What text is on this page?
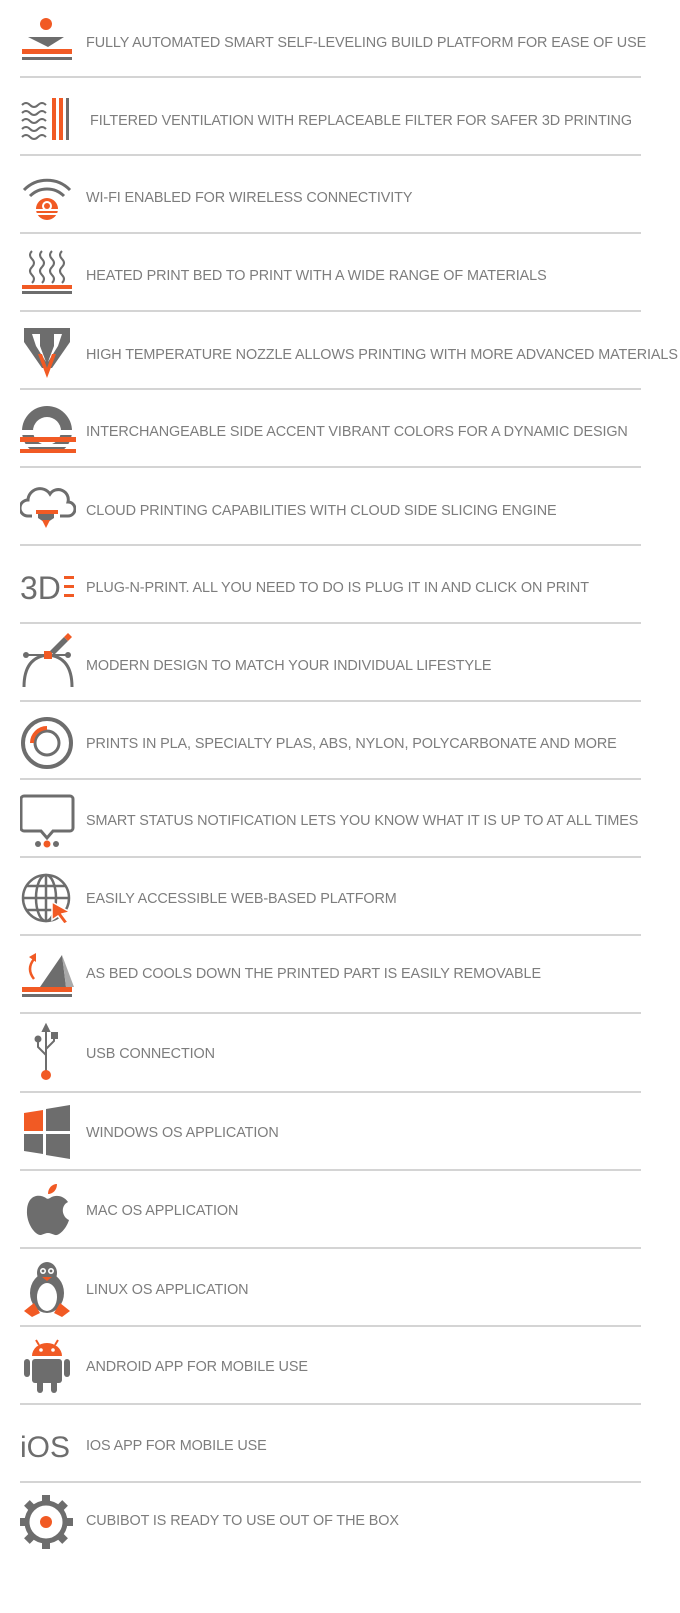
FULLY AUTOMATED SMART SELF-LEVELING BUILD PLATFORM FOR EASE OF USE
FILTERED VENTILATION WITH REPLACEABLE FILTER FOR SAFER 3D PRINTING
WI-FI ENABLED FOR WIRELESS CONNECTIVITY
HEATED PRINT BED TO PRINT WITH A WIDE RANGE OF MATERIALS
HIGH TEMPERATURE NOZZLE ALLOWS PRINTING WITH MORE ADVANCED MATERIALS
INTERCHANGEABLE SIDE ACCENT VIBRANT COLORS FOR A DYNAMIC DESIGN
CLOUD PRINTING CAPABILITIES WITH CLOUD SIDE SLICING ENGINE
3D PLUG-N-PRINT. ALL YOU NEED TO DO IS PLUG IT IN AND CLICK ON PRINT
MODERN DESIGN TO MATCH YOUR INDIVIDUAL LIFESTYLE
PRINTS IN PLA, SPECIALTY PLAS, ABS, NYLON, POLYCARBONATE AND MORE
SMART STATUS NOTIFICATION LETS YOU KNOW WHAT IT IS UP TO AT ALL TIMES
EASILY ACCESSIBLE WEB-BASED PLATFORM
AS BED COOLS DOWN THE PRINTED PART IS EASILY REMOVABLE
USB CONNECTION
WINDOWS OS APPLICATION
MAC OS APPLICATION
LINUX OS APPLICATION
ANDROID APP FOR MOBILE USE
iOS IOS APP FOR MOBILE USE
CUBIBOT IS READY TO USE OUT OF THE BOX
